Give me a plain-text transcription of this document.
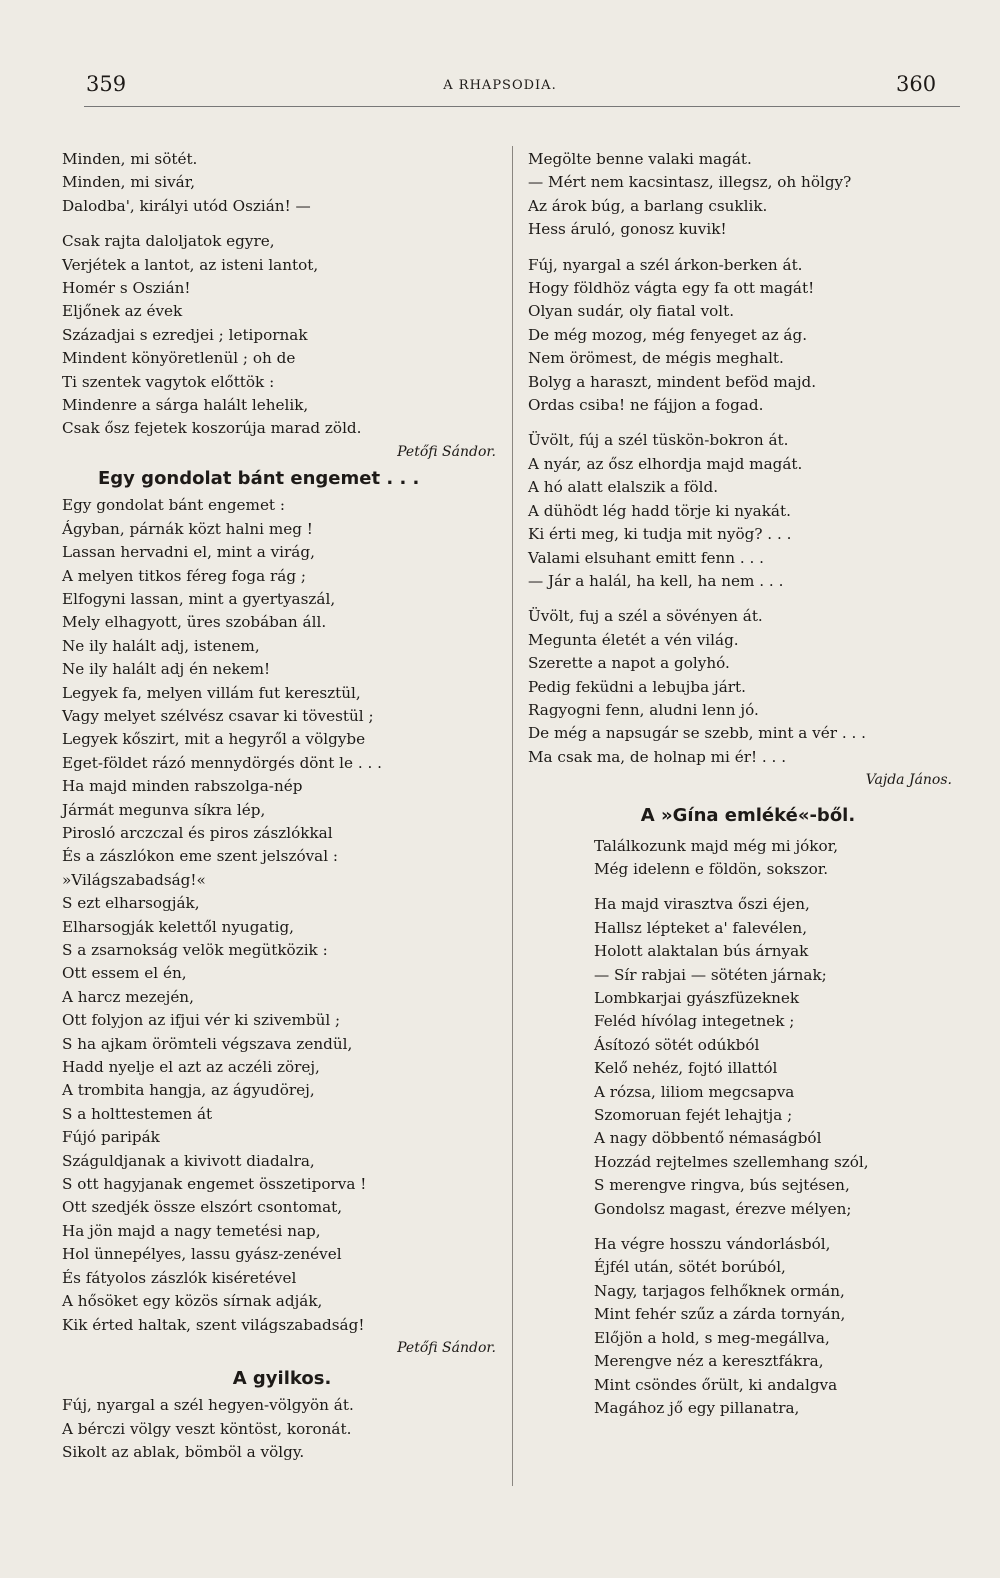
359	A RHAPSODIA.	360
Minden, mi sötét.
Minden, mi sivár,
Dalodba', királyi utód Oszián! —
Csak rajta daloljatok egyre,
Verjétek a lantot, az isteni lantot,
Homér s Oszián!
Eljőnek az évek
Századjai s ezredjei ; letipornak
Mindent könyöretlenül ; oh de
Ti szentek vagytok előttök :
Mindenre a sárga halált lehelik,
Csak ősz fejetek koszorúja marad zöld.
Petőfi Sándor.
Egy gondolat bánt engemet . . .
Egy gondolat bánt engemet :
Ágyban, párnák közt halni meg !
Lassan hervadni el, mint a virág,
A melyen titkos féreg foga rág ;
Elfogyni lassan, mint a gyertyaszál,
Mely elhagyott, üres szobában áll.
Ne ily halált adj, istenem,
Ne ily halált adj én nekem!
Legyek fa, melyen villám fut keresztül,
Vagy melyet szélvész csavar ki tövestül ;
Legyek kőszirt, mit a hegyről a völgybe
Eget-földet rázó mennydörgés dönt le . . .
Ha majd minden rabszolga-nép
Jármát megunva síkra lép,
Pirosló arczczal és piros zászlókkal
És a zászlókon eme szent jelszóval :
»Világszabadság!«
S ezt elharsogják,
Elharsogják kelettől nyugatig,
S a zsarnokság velök megütközik :
Ott essem el én,
A harcz mezején,
Ott folyjon az ifjui vér ki szivembül ;
S ha ajkam örömteli végszava zendül,
Hadd nyelje el azt az aczéli zörej,
A trombita hangja, az ágyudörej,
S a holttestemen át
Fújó paripák
Száguldjanak a kivivott diadalra,
S ott hagyjanak engemet összetiporva !
Ott szedjék össze elszórt csontomat,
Ha jön majd a nagy temetési nap,
Hol ünnepélyes, lassu gyász-zenével
És fátyolos zászlók kiséretével
A hősöket egy közös sírnak adják,
Kik érted haltak, szent világszabadság!
Petőfi Sándor.
A gyilkos.
Fúj, nyargal a szél hegyen-völgyön át.
A bérczi völgy veszt köntöst, koronát.
Sikolt az ablak, bömböl a völgy.
Megölte benne valaki magát.
— Mért nem kacsintasz, illegsz, oh hölgy?
Az árok búg, a barlang csuklik.
Hess áruló, gonosz kuvik!
Fúj, nyargal a szél árkon-berken át.
Hogy földhöz vágta egy fa ott magát!
Olyan sudár, oly fiatal volt.
De még mozog, még fenyeget az ág.
Nem örömest, de mégis meghalt.
Bolyg a haraszt, mindent beföd majd.
Ordas csiba! ne fájjon a fogad.
Üvölt, fúj a szél tüskön-bokron át.
A nyár, az ősz elhordja majd magát.
A hó alatt elalszik a föld.
A dühödt lég hadd törje ki nyakát.
Ki érti meg, ki tudja mit nyög? . . .
Valami elsuhant emitt fenn . . .
— Jár a halál, ha kell, ha nem . . .
Üvölt, fuj a szél a sövényen át.
Megunta életét a vén világ.
Szerette a napot a golyhó.
Pedig feküdni a lebujba járt.
Ragyogni fenn, aludni lenn jó.
De még a napsugár se szebb, mint a vér . . .
Ma csak ma, de holnap mi ér! . . .
Vajda János.
A »Gína emléké«-ből.
Találkozunk majd még mi jókor,
Még idelenn e földön, sokszor.
Ha majd virasztva őszi éjen,
Hallsz lépteket a' falevélen,
Holott alaktalan bús árnyak
— Sír rabjai — sötéten járnak;
Lombkarjai gyászfüzeknek
Feléd hívólag integetnek ;
Ásítozó sötét odúkból
Kelő nehéz, fojtó illattól
A rózsa, liliom megcsapva
Szomoruan fejét lehajtja ;
A nagy döbbentő némaságból
Hozzád rejtelmes szellemhang szól,
S merengve ringva, bús sejtésen,
Gondolsz magast, érezve mélyen;
Ha végre hosszu vándorlásból,
Éjfél után, sötét borúból,
Nagy, tarjagos felhőknek ormán,
Mint fehér szűz a zárda tornyán,
Előjön a hold, s meg-megállva,
Merengve néz a keresztfákra,
Mint csöndes őrült, ki andalgva
Magához jő egy pillanatra,
